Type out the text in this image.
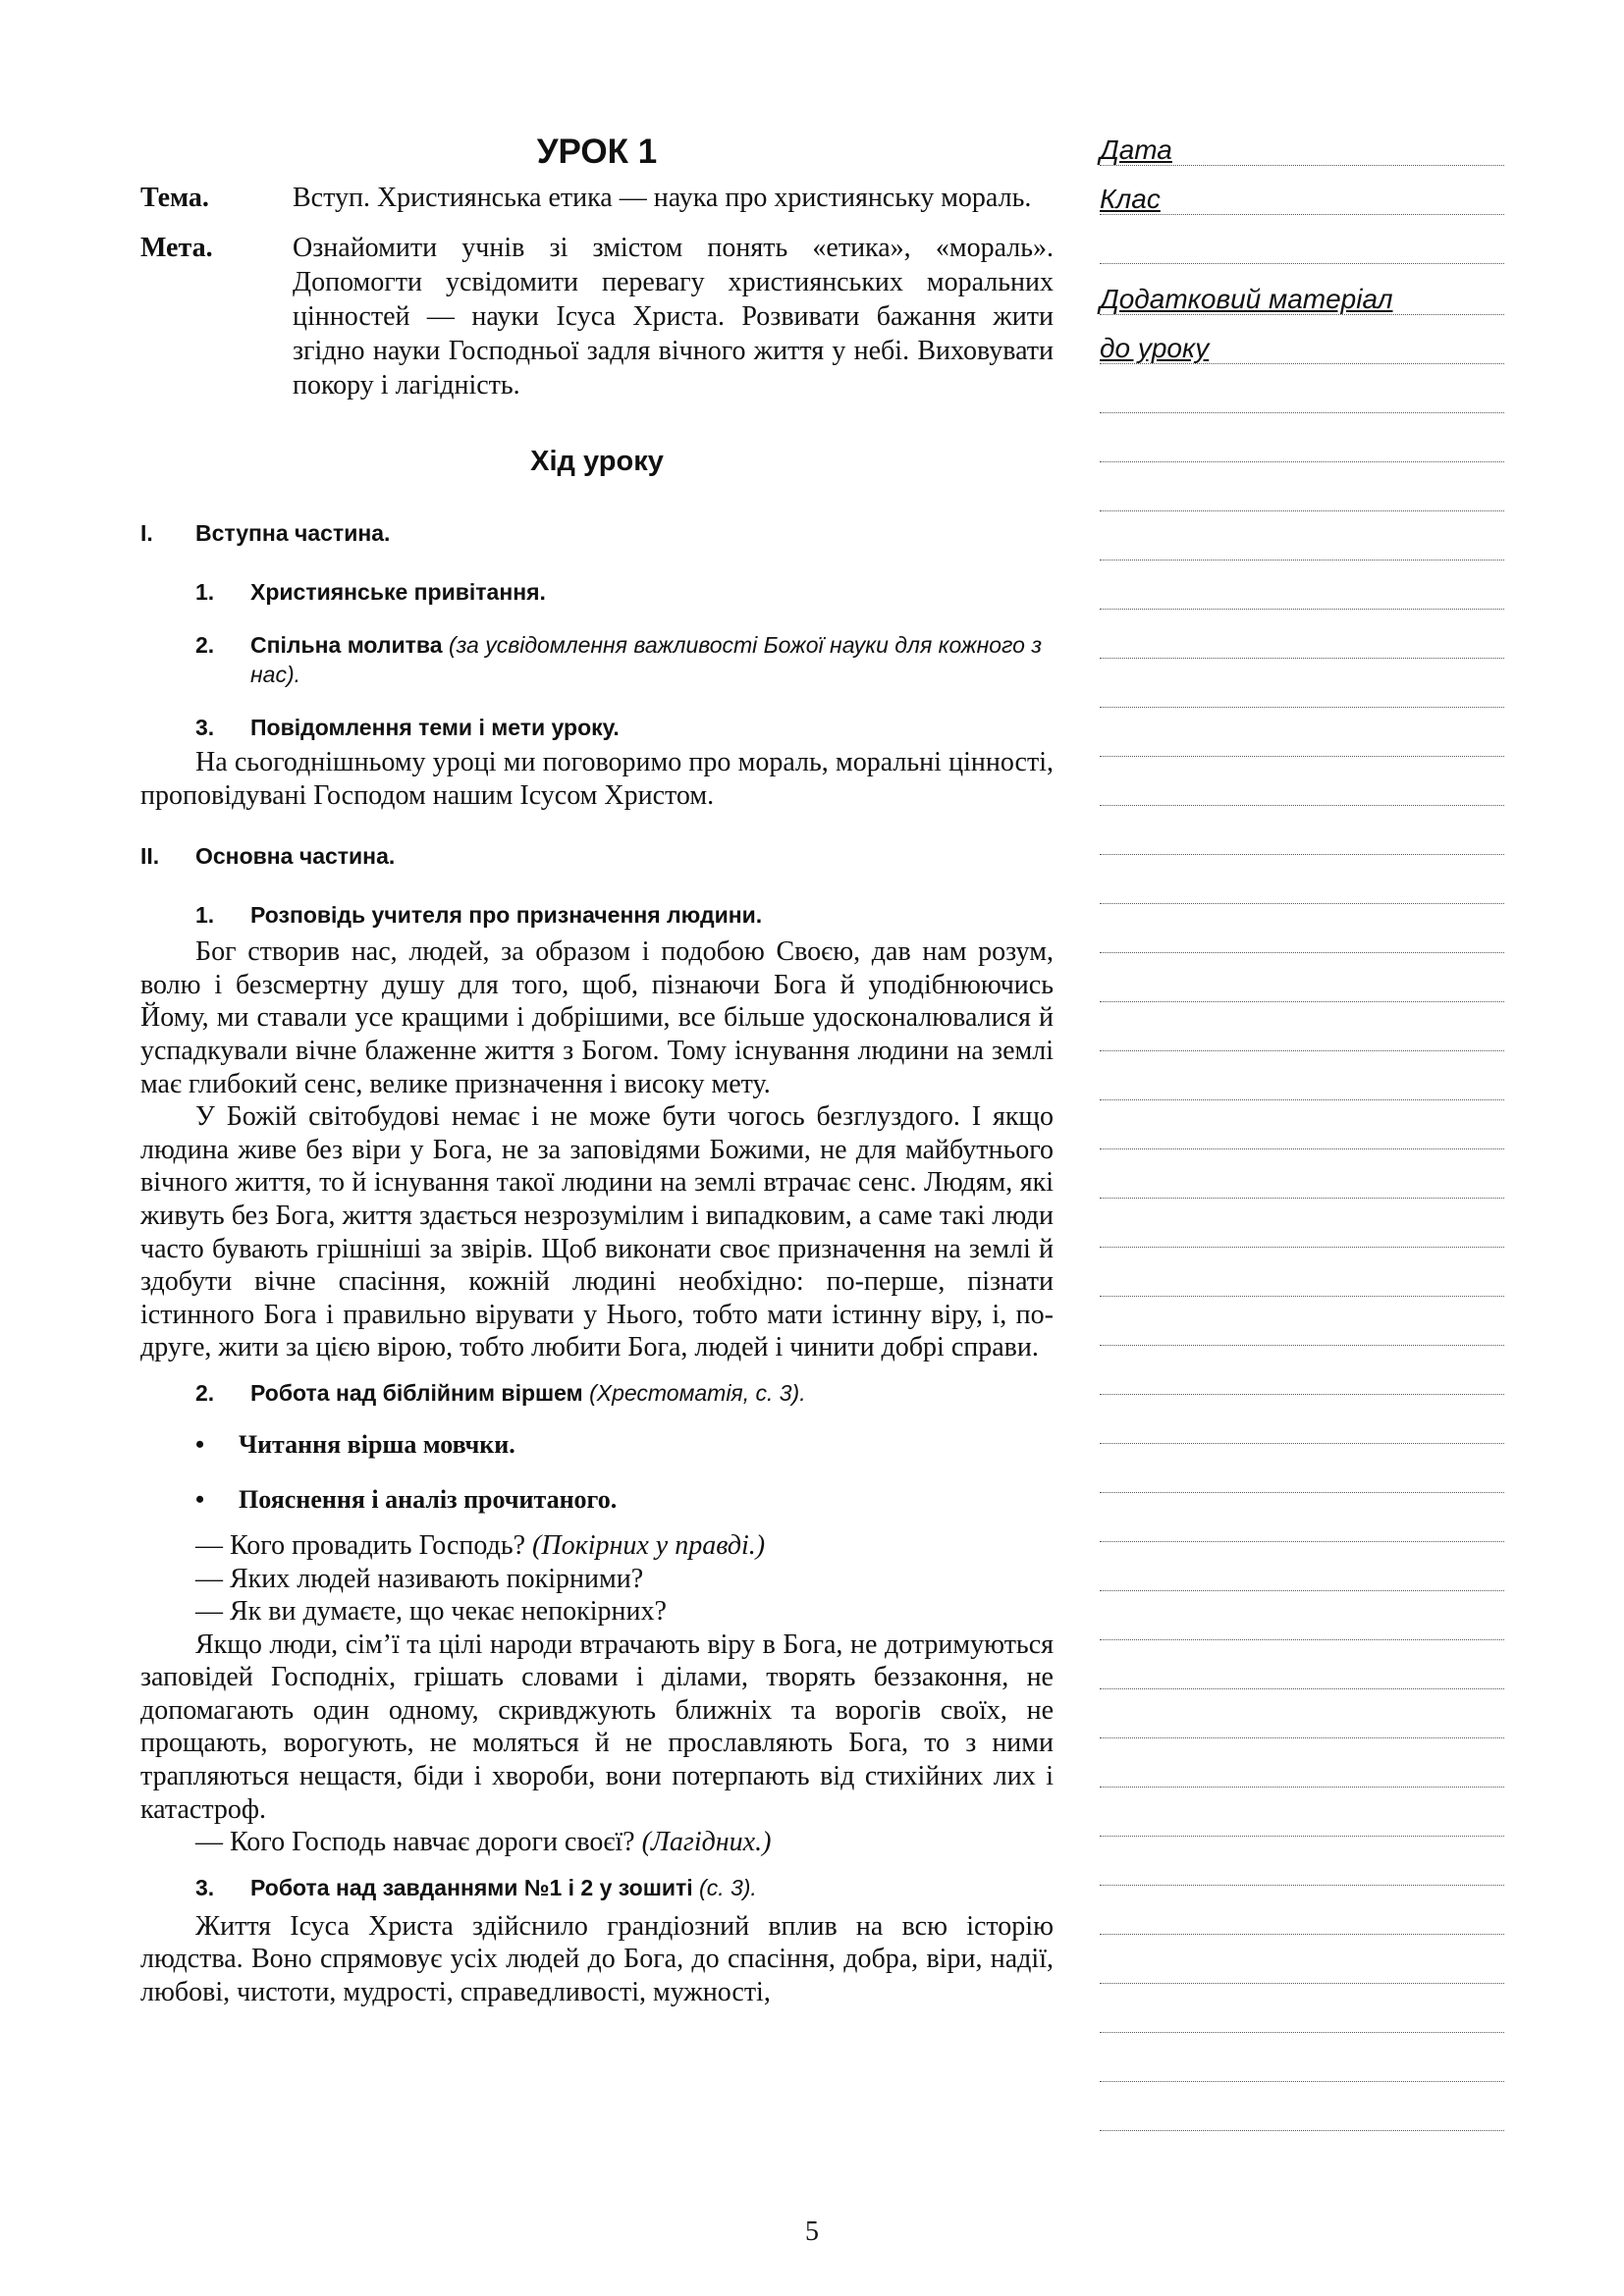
УРОК 1
Тема.	Вступ. Християнська етика — наука про християнську мораль.
Мета.	Ознайомити учнів зі змістом понять «етика», «мораль». Допомогти усвідомити перевагу християнських моральних цінностей — науки Ісуса Христа. Розвивати бажання жити згідно науки Господньої задля вічного життя у небі. Виховувати покору і лагідність.
Хід уроку
I.	Вступна частина.
1.	Християнське привітання.
2.	Спільна молитва (за усвідомлення важливості Божої науки для кожного з нас).
3.	Повідомлення теми і мети уроку.

На сьогоднішньому уроці ми поговоримо про мораль, моральні цінності, проповідувані Господом нашим Ісусом Христом.

II.	Основна частина.
1.	Розповідь учителя про призначення людини.

Бог створив нас, людей, за образом і подобою Своєю, дав нам розум, волю і безсмертну душу для того, щоб, пізнаючи Бога й уподібнюючись Йому, ми ставали усе кращими і добрішими, все більше удосконалювалися й успадкували вічне блаженне життя з Богом. Тому існування людини на землі має глибокий сенс, велике призначення і високу мету.

У Божій світобудові немає і не може бути чогось безглуздого. І якщо людина живе без віри у Бога, не за заповідями Божими, не для майбутнього вічного життя, то й існування такої людини на землі втрачає сенс. Людям, які живуть без Бога, життя здається незрозумілим і випадковим, а саме такі люди часто бувають грішніші за звірів. Щоб виконати своє призначення на землі й здобути вічне спасіння, кожній людині необхідно: по-перше, пізнати істинного Бога і правильно вірувати у Нього, тобто мати істинну віру, і, по-друге, жити за цією вірою, тобто любити Бога, людей і чинити добрі справи.

2.	Робота над біблійним віршем (Хрестоматія, с. 3).
•	Читання вірша мовчки.
•	Пояснення і аналіз прочитаного.

— Кого провадить Господь? (Покірних у правді.)

— Яких людей називають покірними?

— Як ви думаєте, що чекає непокірних?

Якщо люди, сім’ї та цілі народи втрачають віру в Бога, не дотримуються заповідей Господніх, грішать словами і ділами, творять беззаконня, не допомагають один одному, скривджують ближніх та ворогів своїх, не прощають, ворогують, не моляться й не прославляють Бога, то з ними трапляються нещастя, біди і хвороби, вони потерпають від стихійних лих і катастроф.

— Кого Господь навчає дороги своєї? (Лагідних.)

3.	Робота над завданнями №1 і 2 у зошиті (с. 3).

Життя Ісуса Христа здійснило грандіозний вплив на всю історію людства. Воно спрямовує усіх людей до Бога, до спасіння, добра, віри, надії, любові, чистоти, мудрості, справедливості, мужності,

Дата
Клас
Додатковий матеріал
до уроку
5
